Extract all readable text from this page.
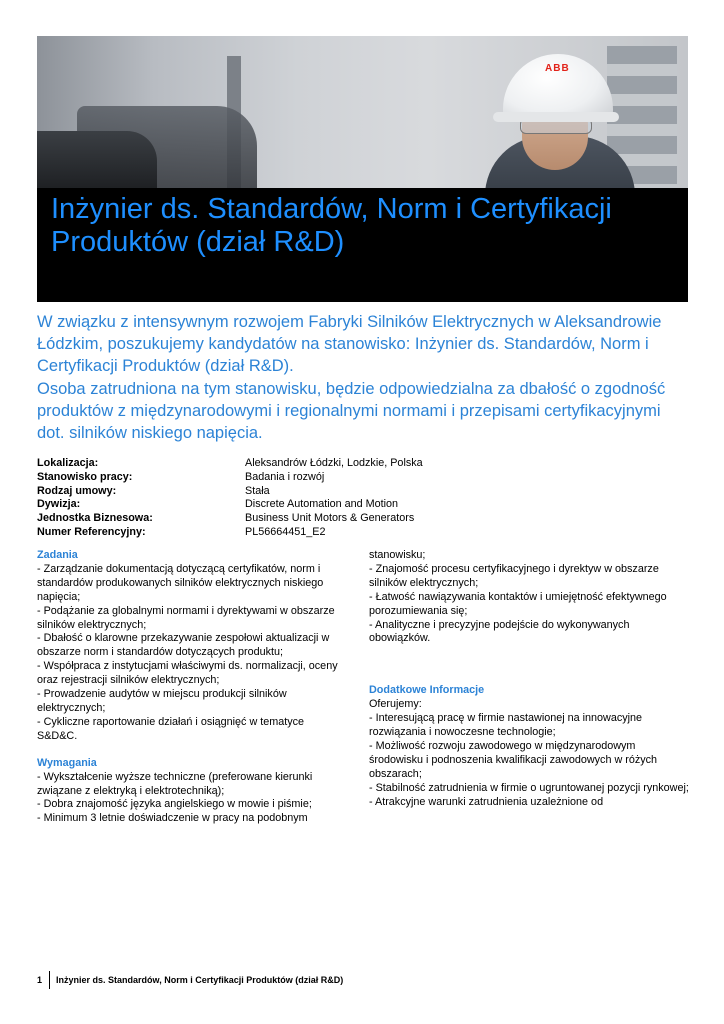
ABB
Inżynier ds. Standardów, Norm i Certyfikacji Produktów (dział R&D)

W związku z intensywnym rozwojem Fabryki Silników Elektrycznych w Aleksandrowie Łódzkim, poszukujemy kandydatów na stanowisko: Inżynier ds. Standardów, Norm i Certyfikacji Produktów (dział R&D).
Osoba zatrudniona na tym stanowisku, będzie odpowiedzialna za dbałość o zgodność produktów z międzynarodowymi i regionalnymi normami i przepisami certyfikacyjnymi dot. silników niskiego napięcia.

Lokalizacja:	Aleksandrów Łódzki, Lodzkie, Polska
Stanowisko pracy:	Badania i rozwój
Rodzaj umowy:	Stała
Dywizja:	Discrete Automation and Motion
Jednostka Biznesowa:	Business Unit Motors & Generators
Numer Referencyjny:	PL56664451_E2
Zadania

- Zarządzanie dokumentacją dotyczącą certyfikatów, norm i standardów produkowanych silników elektrycznych niskiego napięcia;

- Podążanie za globalnymi normami i dyrektywami w obszarze silników elektrycznych;

- Dbałość o klarowne przekazywanie zespołowi aktualizacji w obszarze norm i standardów dotyczących produktu;

- Współpraca z instytucjami właściwymi ds. normalizacji, oceny oraz rejestracji silników elektrycznych;

- Prowadzenie audytów w miejscu produkcji silników elektrycznych;

- Cykliczne raportowanie działań i osiągnięć w tematyce S&D&C.

Wymagania

- Wykształcenie wyższe techniczne (preferowane kierunki związane z elektryką i elektrotechniką);

- Dobra znajomość języka angielskiego w mowie i piśmie;

- Minimum 3 letnie doświadczenie w pracy na podobnym

stanowisku;

- Znajomość procesu certyfikacyjnego i dyrektyw w obszarze silników elektrycznych;

- Łatwość nawiązywania kontaktów i umiejętność efektywnego porozumiewania się;

- Analityczne i precyzyjne podejście do wykonywanych obowiązków.

Dodatkowe Informacje

Oferujemy:

- Interesującą pracę w firmie nastawionej na innowacyjne rozwiązania i nowoczesne technologie;

- Możliwość rozwoju zawodowego w międzynarodowym środowisku i podnoszenia kwalifikacji zawodowych w różych obszarach;

- Stabilność zatrudnienia w firmie o ugruntowanej pozycji rynkowej;

- Atrakcyjne warunki zatrudnienia uzależnione od

1 Inżynier ds. Standardów, Norm i Certyfikacji Produktów (dział R&D)
